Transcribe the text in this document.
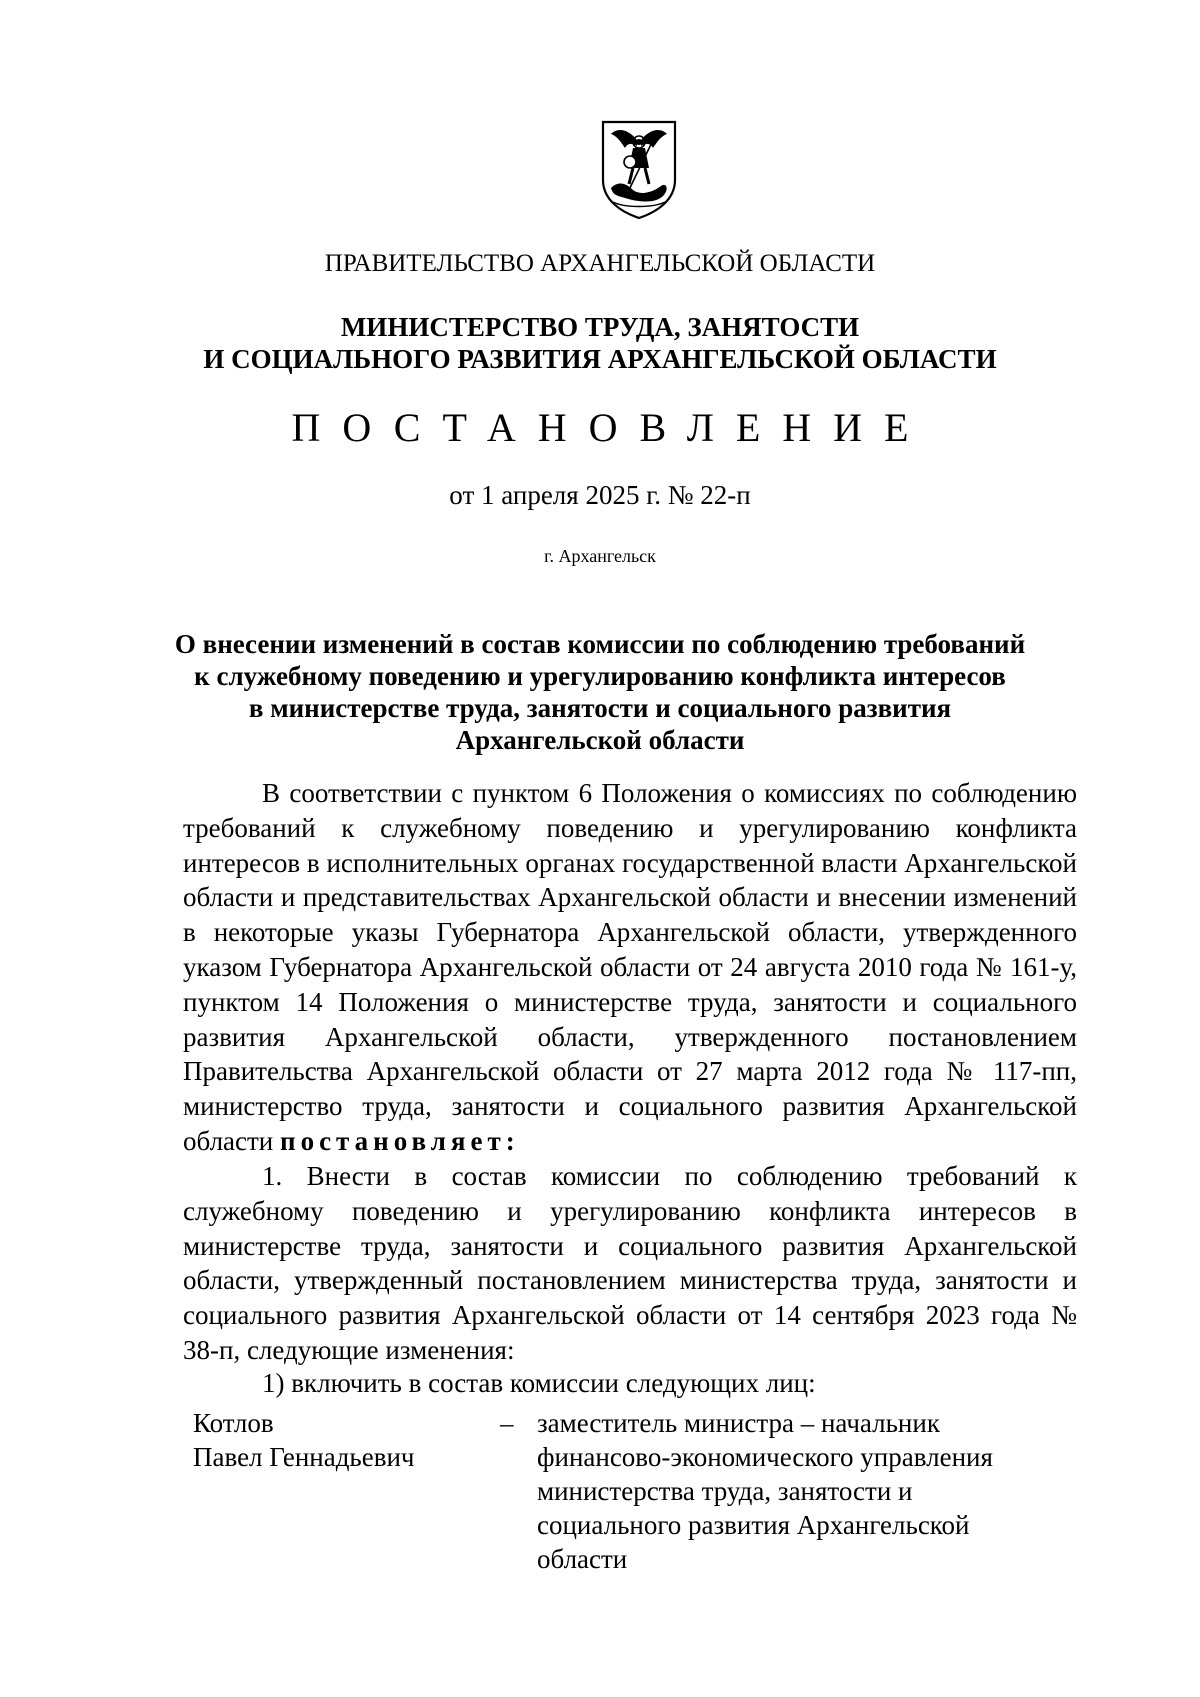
ПРАВИТЕЛЬСТВО АРХАНГЕЛЬСКОЙ ОБЛАСТИ
МИНИСТЕРСТВО ТРУДА, ЗАНЯТОСТИ
И СОЦИАЛЬНОГО РАЗВИТИЯ АРХАНГЕЛЬСКОЙ ОБЛАСТИ
ПОСТАНОВЛЕНИЕ
от 1 апреля 2025 г. № 22-п
г. Архангельск
О внесении изменений в состав комиссии по соблюдению требований
к служебному поведению и урегулированию конфликта интересов
в министерстве труда, занятости и социального развития
Архангельской области
В соответствии с пунктом 6 Положения о комиссиях по соблюдению требований к служебному поведению и урегулированию конфликта интересов в исполнительных органах государственной власти Архангельской области и представительствах Архангельской области и внесении изменений в некоторые указы Губернатора Архангельской области, утвержденного указом Губернатора Архангельской области от 24 августа 2010 года № 161-у, пунктом 14 Положения о министерстве труда, занятости и социального развития Архангельской области, утвержденного постановлением Правительства Архангельской области от 27 марта 2012 года № 117-пп, министерство труда, занятости и социального развития Архангельской области постановляет:
1. Внести в состав комиссии по соблюдению требований к служебному поведению и урегулированию конфликта интересов в министерстве труда, занятости и социального развития Архангельской области, утвержденный постановлением министерства труда, занятости и социального развития Архангельской области от 14 сентября 2023 года № 38-п, следующие изменения:
1) включить в состав комиссии следующих лиц:
Котлов
Павел Геннадьевич
– заместитель министра – начальник
финансово-экономического управления
министерства труда, занятости и
социального развития Архангельской
области
